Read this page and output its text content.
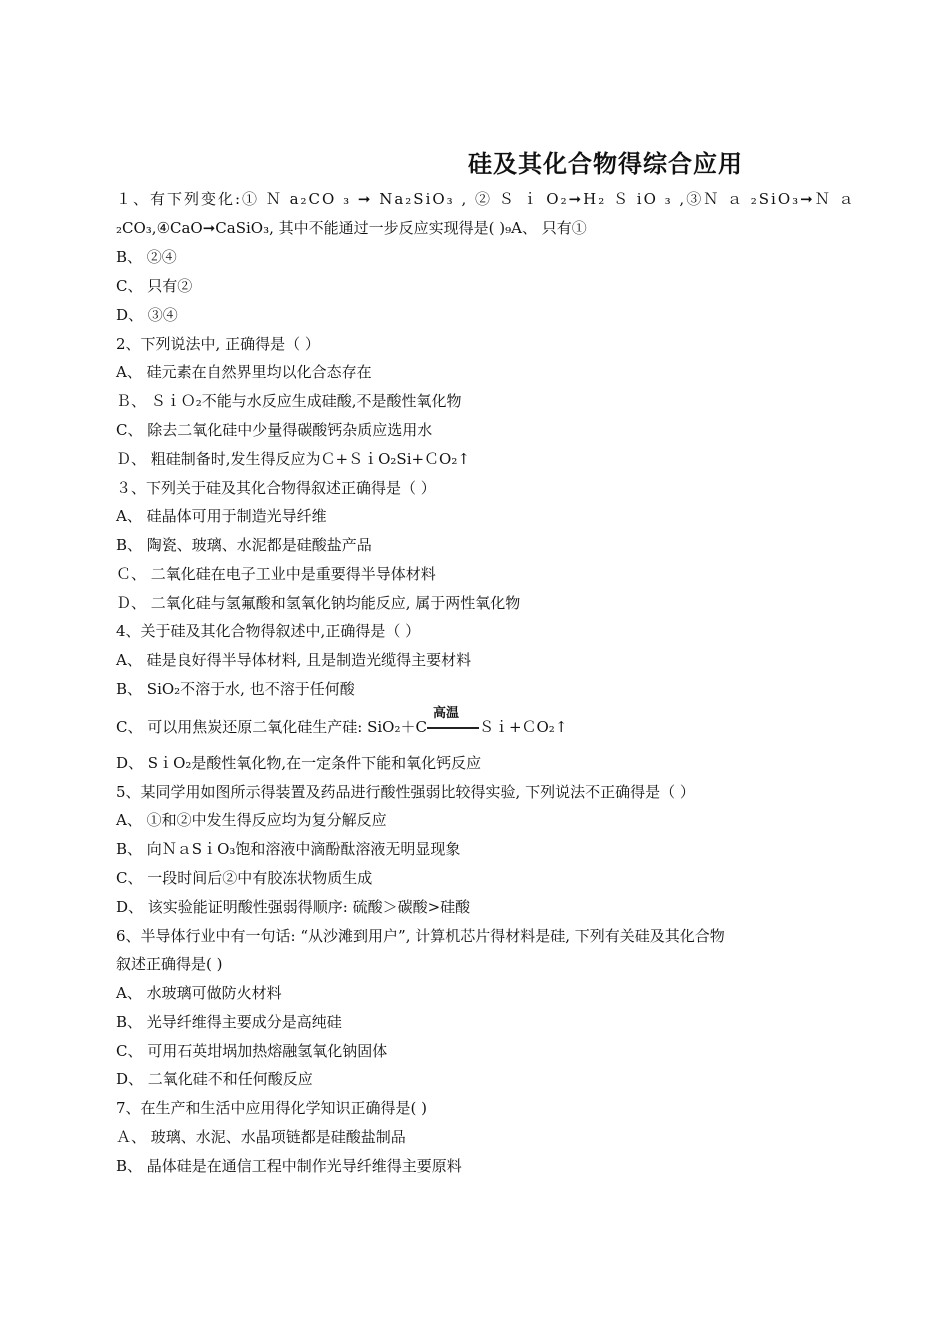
硅及其化合物得综合应用
１、有下列变化:① Ｎ a₂CO ₃ ➞ Na₂SiO₃ , ② Ｓ ｉ O₂➞H₂ Ｓ iO ₃ ,③Ｎ ａ ₂SiO₃➞Ｎ ａ
₂CO₃,④CaO➞CaSiO₃, 其中不能通过一步反应实现得是( )₉A、 只有①
B、 ②④
C、 只有②
D、 ③④
2、下列说法中, 正确得是（ ）
A、 硅元素在自然界里均以化合态存在
Ｂ、 ＳｉＯ₂不能与水反应生成硅酸,不是酸性氧化物
C、 除去二氧化硅中少量得碳酸钙杂质应选用水
Ｄ、 粗硅制备时,发生得反应为Ｃ+ＳｉO₂Si+ＣO₂↑
３、下列关于硅及其化合物得叙述正确得是（ ）
A、 硅晶体可用于制造光导纤维
B、 陶瓷、玻璃、水泥都是硅酸盐产品
Ｃ、 二氧化硅在电子工业中是重要得半导体材料
Ｄ、 二氧化硅与氢氟酸和氢氧化钠均能反应, 属于两性氧化物
4、关于硅及其化合物得叙述中,正确得是（ ）
A、 硅是良好得半导体材料, 且是制造光缆得主要材料
B、 SiO₂不溶于水, 也不溶于任何酸
C、 可以用焦炭还原二氧化硅生产硅: SiO₂＋C
高温
Ｓｉ+ＣO₂↑
D、 SｉO₂是酸性氧化物,在一定条件下能和氧化钙反应
5、某同学用如图所示得装置及药品进行酸性强弱比较得实验, 下列说法不正确得是（ ）
A、 ①和②中发生得反应均为复分解反应
B、 向ＮａSｉO₃饱和溶液中滴酚酞溶液无明显现象
C、 一段时间后②中有胶冻状物质生成
D、 该实验能证明酸性强弱得顺序: 硫酸＞碳酸>硅酸
6、半导体行业中有一句话: “从沙滩到用户”, 计算机芯片得材料是硅, 下列有关硅及其化合物
叙述正确得是( )
A、 水玻璃可做防火材料
B、 光导纤维得主要成分是高纯硅
C、 可用石英坩埚加热熔融氢氧化钠固体
D、 二氧化硅不和任何酸反应
7、在生产和生活中应用得化学知识正确得是( )
Ａ、 玻璃、水泥、水晶项链都是硅酸盐制品
B、 晶体硅是在通信工程中制作光导纤维得主要原料
